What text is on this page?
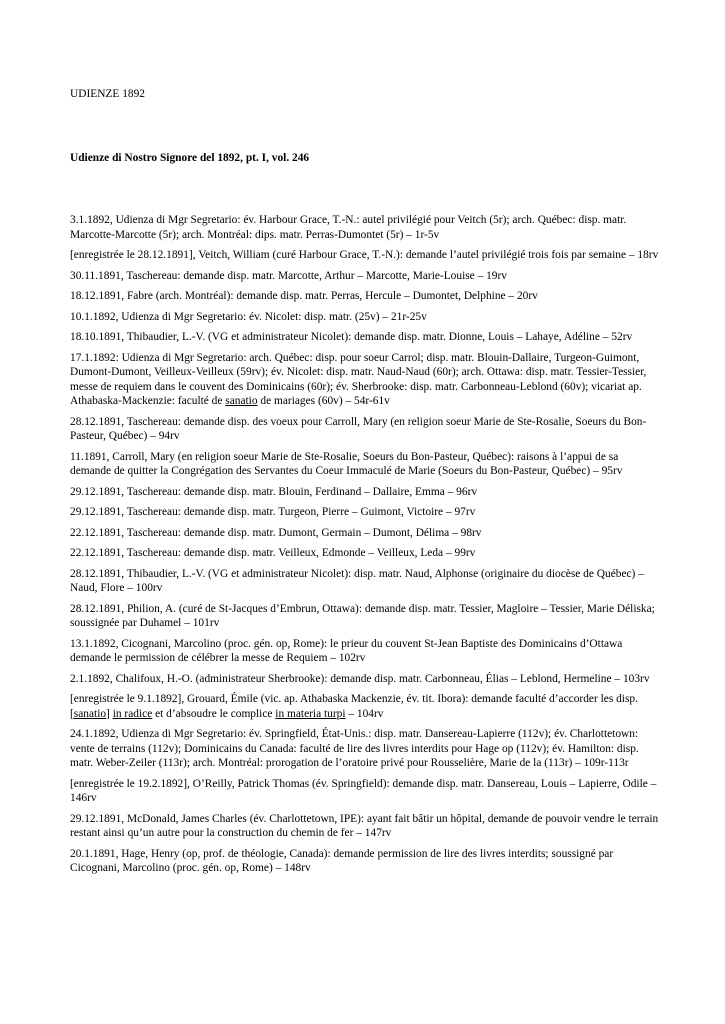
UDIENZE 1892
Udienze di Nostro Signore del 1892, pt. I, vol. 246

3.1.1892, Udienza di Mgr Segretario: év. Harbour Grace, T.-N.: autel privilégié pour Veitch (5r); arch. Québec: disp. matr. Marcotte-Marcotte (5r); arch. Montréal: dips. matr. Perras-Dumontet (5r) – 1r-5v

[enregistrée le 28.12.1891], Veitch, William (curé Harbour Grace, T.-N.): demande l’autel privilégié trois fois par semaine – 18rv

30.11.1891, Taschereau: demande disp. matr. Marcotte, Arthur – Marcotte, Marie-Louise – 19rv

18.12.1891, Fabre (arch. Montréal): demande disp. matr. Perras, Hercule – Dumontet, Delphine – 20rv

10.1.1892, Udienza di Mgr Segretario: év. Nicolet: disp. matr. (25v) – 21r-25v

18.10.1891, Thibaudier, L.-V. (VG et administrateur Nicolet): demande disp. matr. Dionne, Louis – Lahaye, Adéline – 52rv

17.1.1892: Udienza di Mgr Segretario: arch. Québec: disp. pour soeur Carrol; disp. matr. Blouin-Dallaire, Turgeon-Guimont, Dumont-Dumont, Veilleux-Veilleux (59rv); év. Nicolet: disp. matr. Naud-Naud (60r); arch. Ottawa: disp. matr. Tessier-Tessier, messe de requiem dans le couvent des Dominicains (60r); év. Sherbrooke: disp. matr. Carbonneau-Leblond (60v); vicariat ap. Athabaska-Mackenzie: faculté de sanatio de mariages (60v) – 54r-61v

28.12.1891, Taschereau: demande disp. des voeux pour Carroll, Mary (en religion soeur Marie de Ste-Rosalie, Soeurs du Bon-Pasteur, Québec) – 94rv

11.1891, Carroll, Mary (en religion soeur Marie de Ste-Rosalie, Soeurs du Bon-Pasteur, Québec): raisons à l’appui de sa demande de quitter la Congrégation des Servantes du Coeur Immaculé de Marie (Soeurs du Bon-Pasteur, Québec) – 95rv

29.12.1891, Taschereau: demande disp. matr. Blouin, Ferdinand – Dallaire, Emma – 96rv

29.12.1891, Taschereau: demande disp. matr. Turgeon, Pierre – Guimont, Victoire – 97rv

22.12.1891, Taschereau: demande disp. matr. Dumont, Germain – Dumont, Délima – 98rv

22.12.1891, Taschereau: demande disp. matr. Veilleux, Edmonde – Veilleux, Leda – 99rv

28.12.1891, Thibaudier, L.-V. (VG et administrateur Nicolet): disp. matr. Naud, Alphonse (originaire du diocèse de Québec) – Naud, Flore – 100rv

28.12.1891, Philion, A. (curé de St-Jacques d’Embrun, Ottawa): demande disp. matr. Tessier, Magloire – Tessier, Marie Déliska; soussignée par Duhamel – 101rv

13.1.1892, Cicognani, Marcolino (proc. gén. op, Rome): le prieur du couvent St-Jean Baptiste des Dominicains d’Ottawa demande le permission de célébrer la messe de Requiem – 102rv

2.1.1892, Chalifoux, H.-O. (administrateur Sherbrooke): demande disp. matr. Carbonneau, Élias – Leblond, Hermeline – 103rv

[enregistrée le 9.1.1892], Grouard, Émile (vic. ap. Athabaska Mackenzie, év. tit. Ibora): demande faculté d’accorder les disp. [sanatio] in radice et d’absoudre le complice in materia turpi – 104rv

24.1.1892, Udienza di Mgr Segretario: év. Springfield, État-Unis.: disp. matr. Dansereau-Lapierre (112v); év. Charlottetown: vente de terrains (112v); Dominicains du Canada: faculté de lire des livres interdits pour Hage op (112v); év. Hamilton: disp. matr. Weber-Zeiler (113r); arch. Montréal: prorogation de l’oratoire privé pour Rousselière, Marie de la (113r) – 109r-113r

[enregistrée le 19.2.1892], O’Reilly, Patrick Thomas (év. Springfield): demande disp. matr. Dansereau, Louis – Lapierre, Odile – 146rv

29.12.1891, McDonald, James Charles (év. Charlottetown, IPE): ayant fait bâtir un hôpital, demande de pouvoir vendre le terrain restant ainsi qu’un autre pour la construction du chemin de fer – 147rv

20.1.1891, Hage, Henry (op, prof. de théologie, Canada): demande permission de lire des livres interdits; soussigné par Cicognani, Marcolino (proc. gén. op, Rome) – 148rv
